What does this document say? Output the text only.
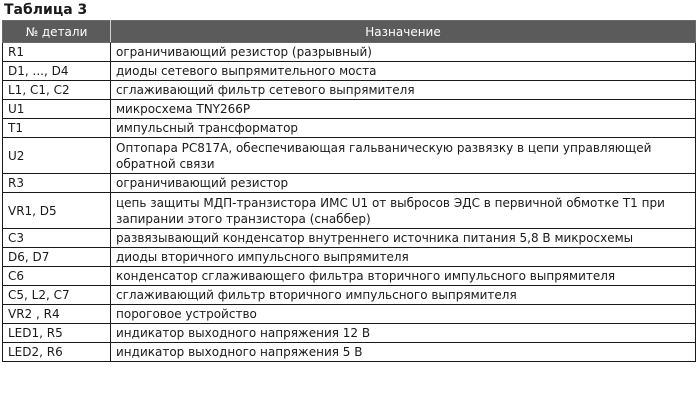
Таблица 3
№ детали	Назначение
R1	ограничивающий резистор (разрывный)
D1, ..., D4	диоды сетевого выпрямительного моста
L1, C1, C2	сглаживающий фильтр сетевого выпрямителя
U1	микросхема TNY266P
T1	импульсный трансформатор
U2	Оптопара PC817A, обеспечивающая гальваническую развязку в цепи управляющей обратной связи
R3	ограничивающий резистор
VR1, D5	цепь защиты МДП-транзистора ИМС U1 от выбросов ЭДС в первичной обмотке T1 при запирании этого транзистора (снаббер)
C3	развязывающий конденсатор внутреннего источника питания 5,8 В микросхемы
D6, D7	диоды вторичного импульсного выпрямителя
C6	конденсатор сглаживающего фильтра вторичного импульсного выпрямителя
C5, L2, C7	сглаживающий фильтр вторичного импульсного выпрямителя
VR2 , R4	пороговое устройство
LED1, R5	индикатор выходного напряжения 12 В
LED2, R6	индикатор выходного напряжения 5 В
